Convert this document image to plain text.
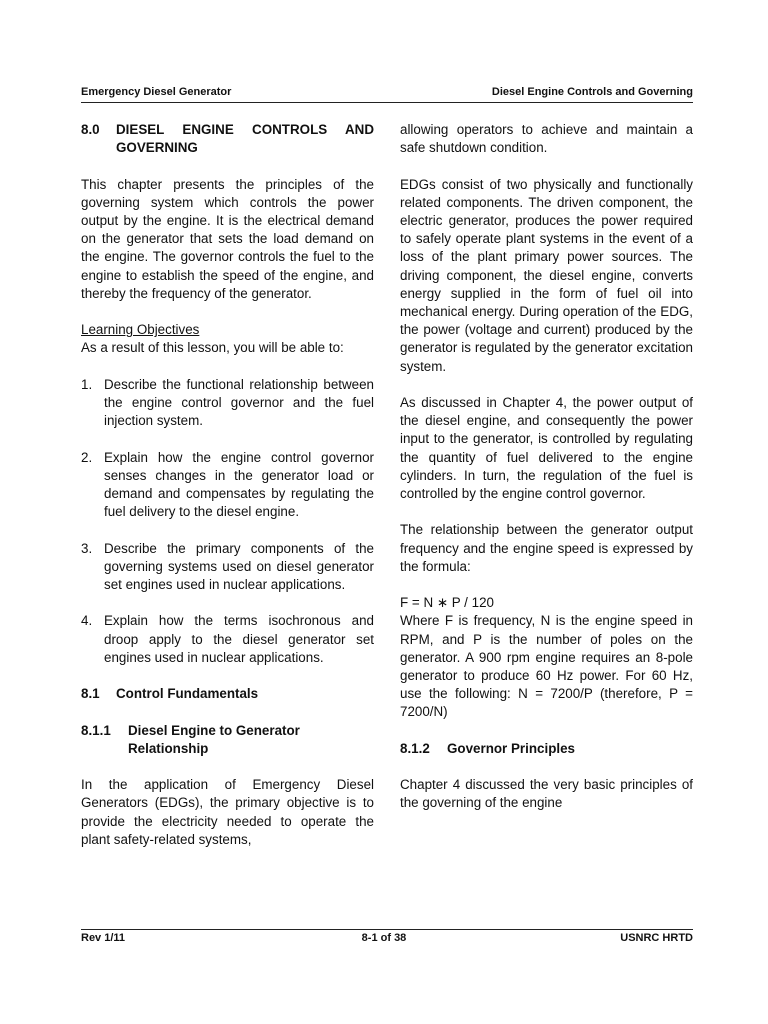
Emergency Diesel Generator	Diesel Engine Controls and Governing
8.0	DIESEL ENGINE CONTROLS AND GOVERNING

This chapter presents the principles of the governing system which controls the power output by the engine. It is the electrical demand on the generator that sets the load demand on the engine. The governor controls the fuel to the engine to establish the speed of the engine, and thereby the frequency of the generator.

Learning Objectives

As a result of this lesson, you will be able to:

1. Describe the functional relationship between the engine control governor and the fuel injection system.
2. Explain how the engine control governor senses changes in the generator load or demand and compensates by regulating the fuel delivery to the diesel engine.
3. Describe the primary components of the governing systems used on diesel generator set engines used in nuclear applications.
4. Explain how the terms isochronous and droop apply to the diesel generator set engines used in nuclear applications.
8.1	Control Fundamentals
8.1.1	Diesel Engine to Generator Relationship

In the application of Emergency Diesel Generators (EDGs), the primary objective is to provide the electricity needed to operate the plant safety-related systems,

allowing operators to achieve and maintain a safe shutdown condition.

EDGs consist of two physically and functionally related components. The driven component, the electric generator, produces the power required to safely operate plant systems in the event of a loss of the plant primary power sources. The driving component, the diesel engine, converts energy supplied in the form of fuel oil into mechanical energy. During operation of the EDG, the power (voltage and current) produced by the generator is regulated by the generator excitation system.

As discussed in Chapter 4, the power output of the diesel engine, and consequently the power input to the generator, is controlled by regulating the quantity of fuel delivered to the engine cylinders. In turn, the regulation of the fuel is controlled by the engine control governor.

The relationship between the generator output frequency and the engine speed is expressed by the formula:

F = N ∗ P / 120

Where F is frequency, N is the engine speed in RPM, and P is the number of poles on the generator. A 900 rpm engine requires an 8-pole generator to produce 60 Hz power. For 60 Hz, use the following: N = 7200/P (therefore, P = 7200/N)

8.1.2	Governor Principles

Chapter 4 discussed the very basic principles of the governing of the engine

Rev 1/11	8-1 of 38	USNRC HRTD
